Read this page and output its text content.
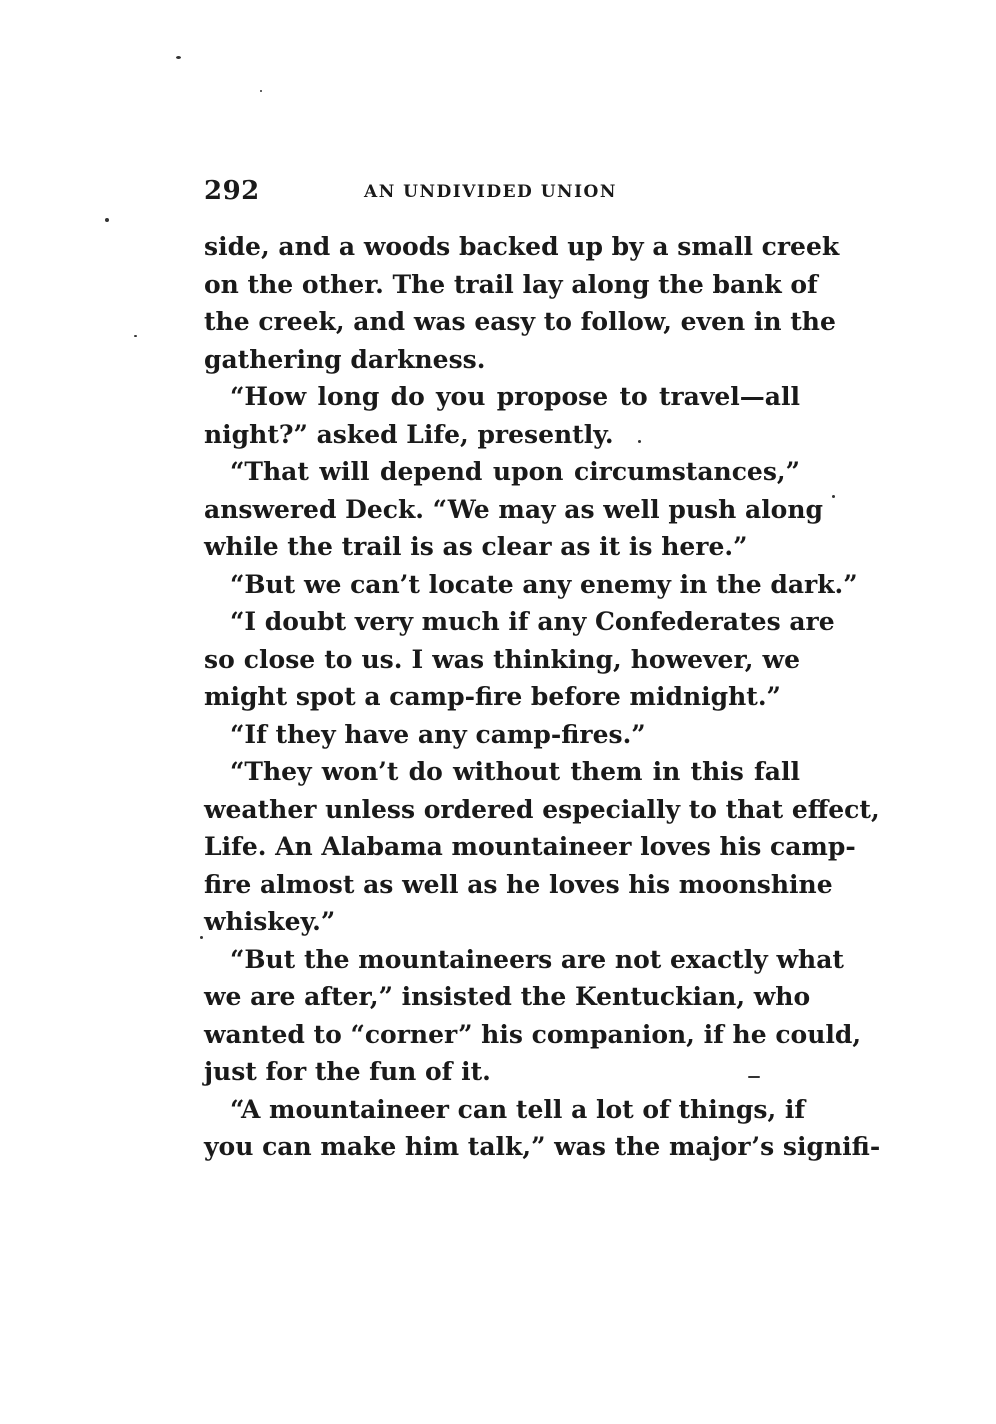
292	AN UNDIVIDED UNION
side, and a woods backed up by a small creek
on the other. The trail lay along the bank of
the creek, and was easy to follow, even in the
gathering darkness.
“How long do you propose to travel—all
night?” asked Life, presently.
“That will depend upon circumstances,”
answered Deck. “We may as well push along
while the trail is as clear as it is here.”
“But we can’t locate any enemy in the dark.”
“I doubt very much if any Confederates are
so close to us. I was thinking, however, we
might spot a camp-fire before midnight.”
“If they have any camp-fires.”
“They won’t do without them in this fall
weather unless ordered especially to that effect,
Life. An Alabama mountaineer loves his camp-
fire almost as well as he loves his moonshine
whiskey.”
“But the mountaineers are not exactly what
we are after,” insisted the Kentuckian, who
wanted to “corner” his companion, if he could,
just for the fun of it.
“A mountaineer can tell a lot of things, if
you can make him talk,” was the major’s signifi-
